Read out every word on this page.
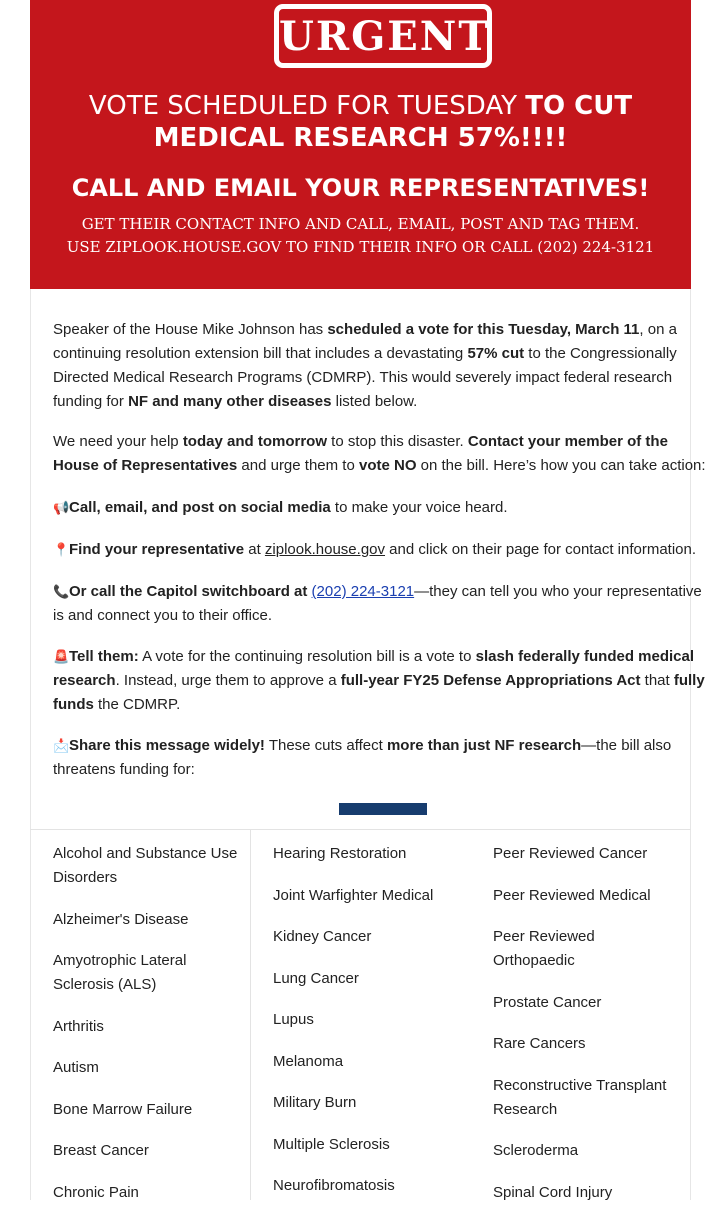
URGENT
VOTE SCHEDULED FOR TUESDAY TO CUT
MEDICAL RESEARCH 57%!!!!
CALL AND EMAIL YOUR REPRESENTATIVES!
GET THEIR CONTACT INFO AND CALL, EMAIL, POST AND TAG THEM.
USE ZIPLOOK.HOUSE.GOV TO FIND THEIR INFO OR CALL (202) 224-3121
Speaker of the House Mike Johnson has scheduled a vote for this Tuesday, March 11, on a continuing resolution extension bill that includes a devastating 57% cut to the Congressionally Directed Medical Research Programs (CDMRP). This would severely impact federal research funding for NF and many other diseases listed below.
We need your help today and tomorrow to stop this disaster. Contact your member of the House of Representatives and urge them to vote NO on the bill. Here’s how you can take action:
📢Call, email, and post on social media to make your voice heard.
📍Find your representative at ziplook.house.gov and click on their page for contact information.
📞Or call the Capitol switchboard at (202) 224-3121—they can tell you who your representative is and connect you to their office.
🚨Tell them: A vote for the continuing resolution bill is a vote to slash federally funded medical research. Instead, urge them to approve a full-year FY25 Defense Appropriations Act that fully funds the CDMRP.
📩Share this message widely! These cuts affect more than just NF research—the bill also threatens funding for:
Alcohol and Substance Use Disorders
Alzheimer's Disease
Amyotrophic Lateral Sclerosis (ALS)
Arthritis
Autism
Bone Marrow Failure
Breast Cancer
Chronic Pain
Hearing Restoration
Joint Warfighter Medical
Kidney Cancer
Lung Cancer
Lupus
Melanoma
Military Burn
Multiple Sclerosis
Neurofibromatosis
Peer Reviewed Cancer
Peer Reviewed Medical
Peer Reviewed Orthopaedic
Prostate Cancer
Rare Cancers
Reconstructive Transplant Research
Scleroderma
Spinal Cord Injury
